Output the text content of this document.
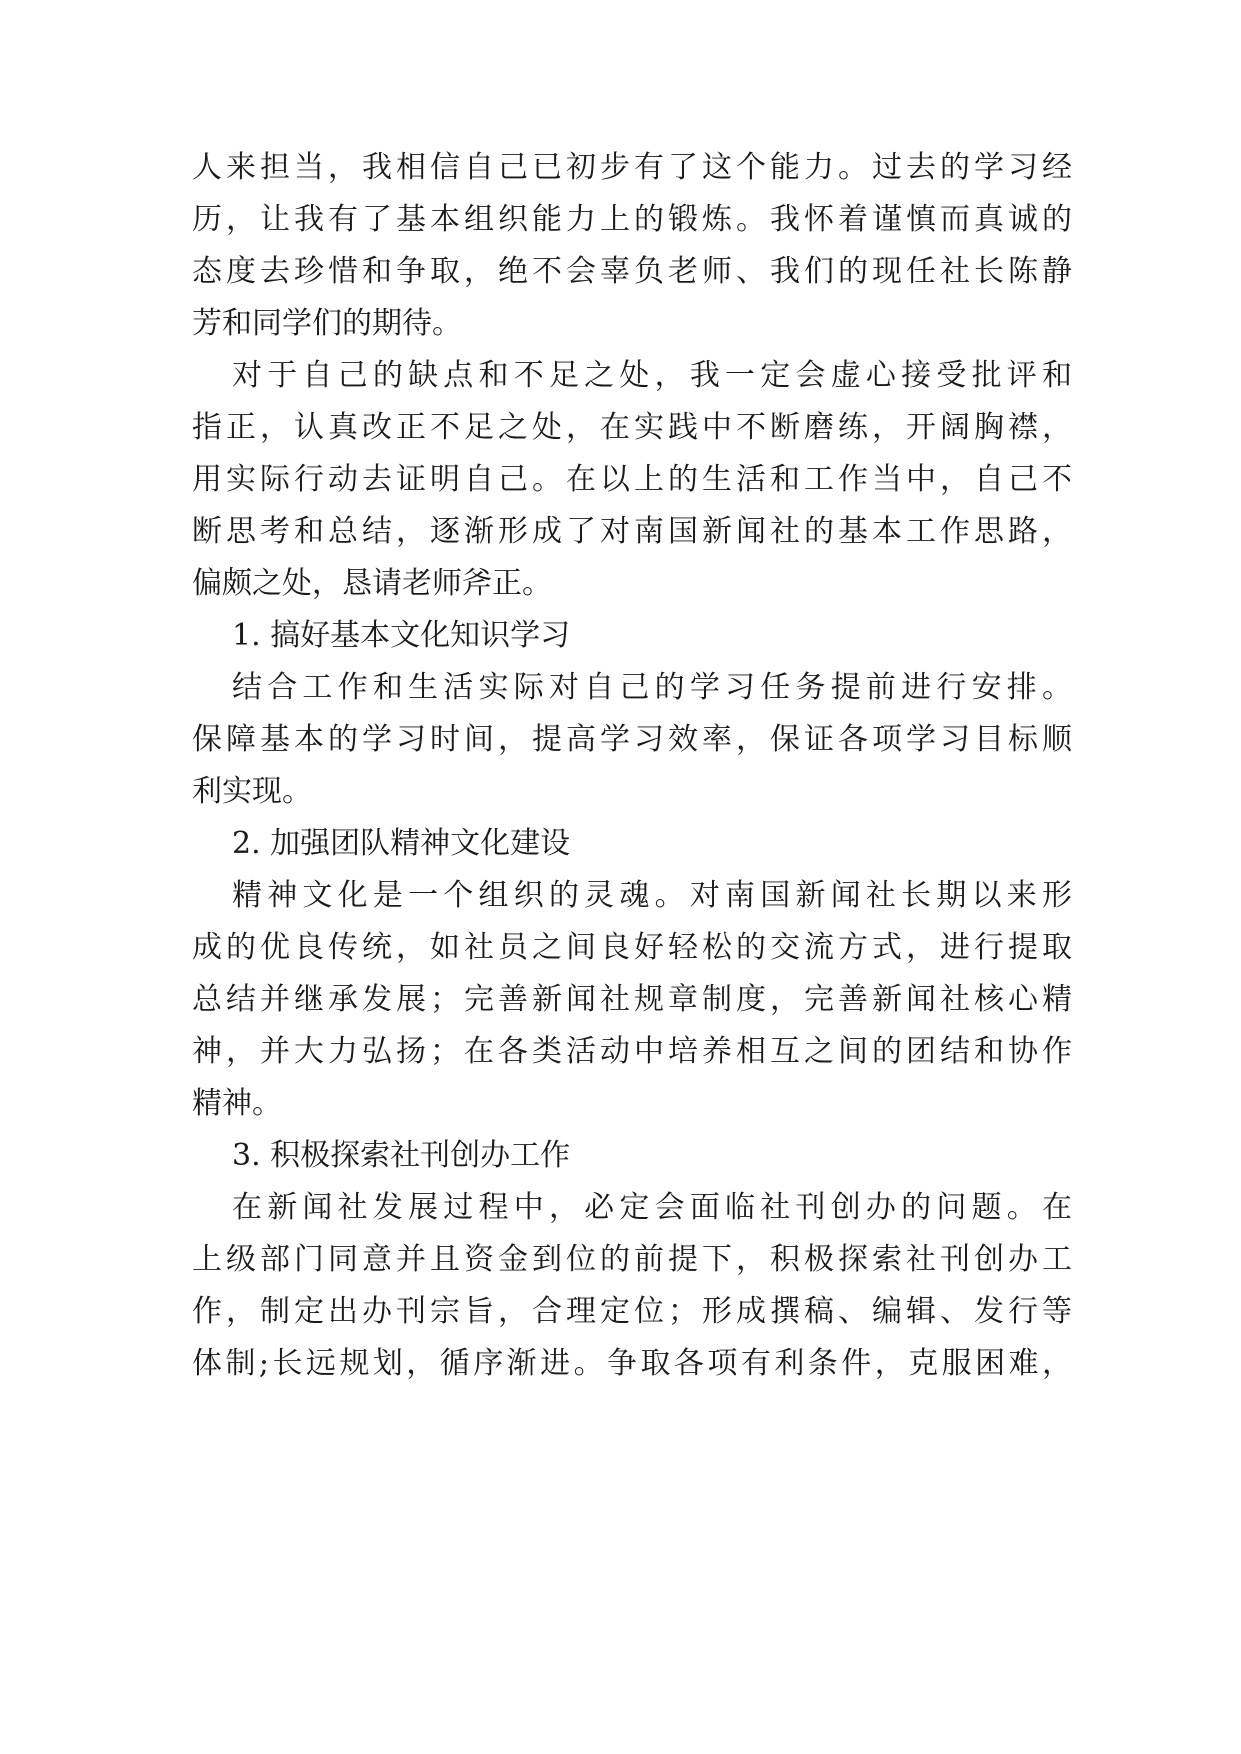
人来担当，我相信自己已初步有了这个能力。过去的学习经
历，让我有了基本组织能力上的锻炼。我怀着谨慎而真诚的
态度去珍惜和争取，绝不会辜负老师、我们的现任社长陈静
芳和同学们的期待。
对于自己的缺点和不足之处，我一定会虚心接受批评和
指正，认真改正不足之处，在实践中不断磨练，开阔胸襟，
用实际行动去证明自己。在以上的生活和工作当中，自己不
断思考和总结，逐渐形成了对南国新闻社的基本工作思路，
偏颇之处，恳请老师斧正。
1. 搞好基本文化知识学习
结合工作和生活实际对自己的学习任务提前进行安排。
保障基本的学习时间，提高学习效率，保证各项学习目标顺
利实现。
2. 加强团队精神文化建设
精神文化是一个组织的灵魂。对南国新闻社长期以来形
成的优良传统，如社员之间良好轻松的交流方式，进行提取
总结并继承发展；完善新闻社规章制度，完善新闻社核心精
神，并大力弘扬；在各类活动中培养相互之间的团结和协作
精神。
3. 积极探索社刊创办工作
在新闻社发展过程中，必定会面临社刊创办的问题。在
上级部门同意并且资金到位的前提下，积极探索社刊创办工
作，制定出办刊宗旨，合理定位；形成撰稿、编辑、发行等
体制;长远规划，循序渐进。争取各项有利条件，克服困难，
